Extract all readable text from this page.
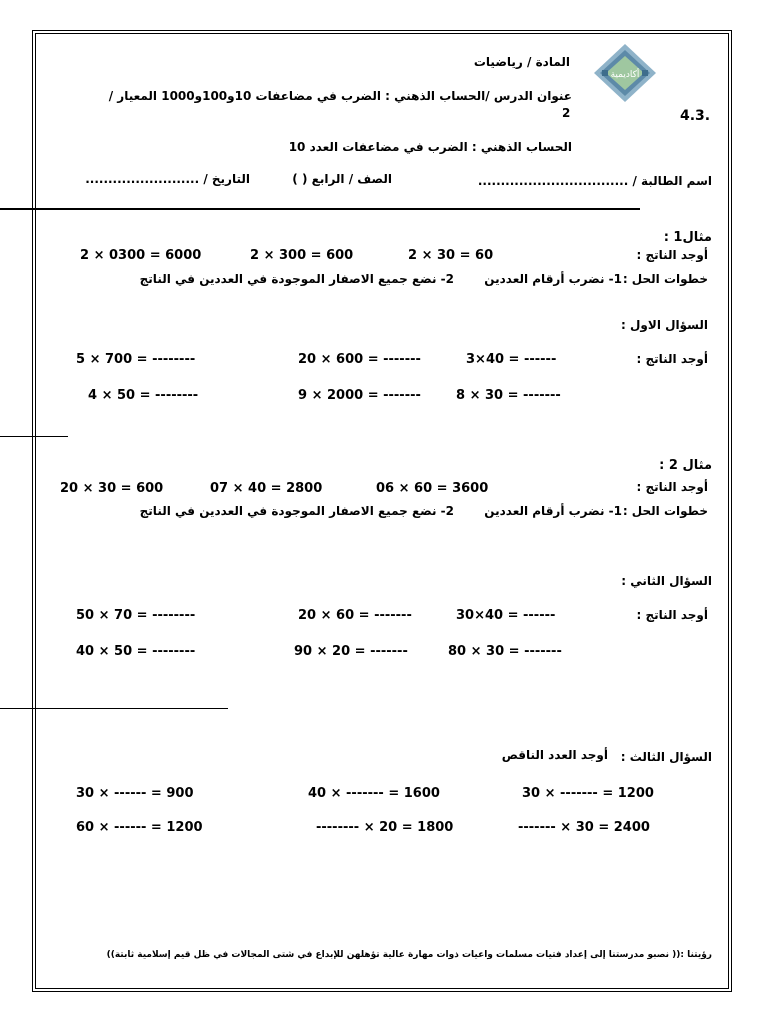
أكاديمية
المادة / رياضيات
عنوان الدرس /الحساب الذهني : الضرب في مضاعفات 10و100و1000 المعيار /
2	4.3.
الحساب الذهني : الضرب في مضاعفات العدد 10
اسم الطالبة / .................................
الصف / الرابع ( )
التاريخ / .........................
مثال1 :
أوجد الناتج :
2 × 30 = 60
2 × 300 = 600
2 × 0300 = 6000
خطوات الحل :
1- نضرب أرقام العددين
2- نضع جميع الاصفار الموجودة في العددين في الناتج
السؤال الاول :
أوجد الناتج :
3×40 = ------
20 × 600 = -------
5 × 700 = --------
8 × 30 = -------
9 × 2000 = -------
4 × 50 = --------
مثال 2 :
أوجد الناتج :
06 × 60 = 3600
07 × 40 = 2800
20 × 30 = 600
خطوات الحل :
1- نضرب أرقام العددين
2- نضع جميع الاصفار الموجودة في العددين في الناتج
السؤال الثاني :
أوجد الناتج :
30×40 = ------
20 × 60 = -------
50 × 70 = --------
80 × 30 = -------
90 × 20 = -------
40 × 50 = --------
السؤال الثالث :
أوجد العدد الناقص
30 × ------- = 1200
40 × ------- = 1600
30 × ------ = 900
------- × 30 = 2400
-------- × 20 = 1800
60 × ------ = 1200
رؤيتنا :(( نصبو مدرستنا إلى إعداد فتيات مسلمات واعيات ذوات مهارة عالية تؤهلهن للإبداع في شتى المجالات في ظل قيم إسلامية ثابتة))
